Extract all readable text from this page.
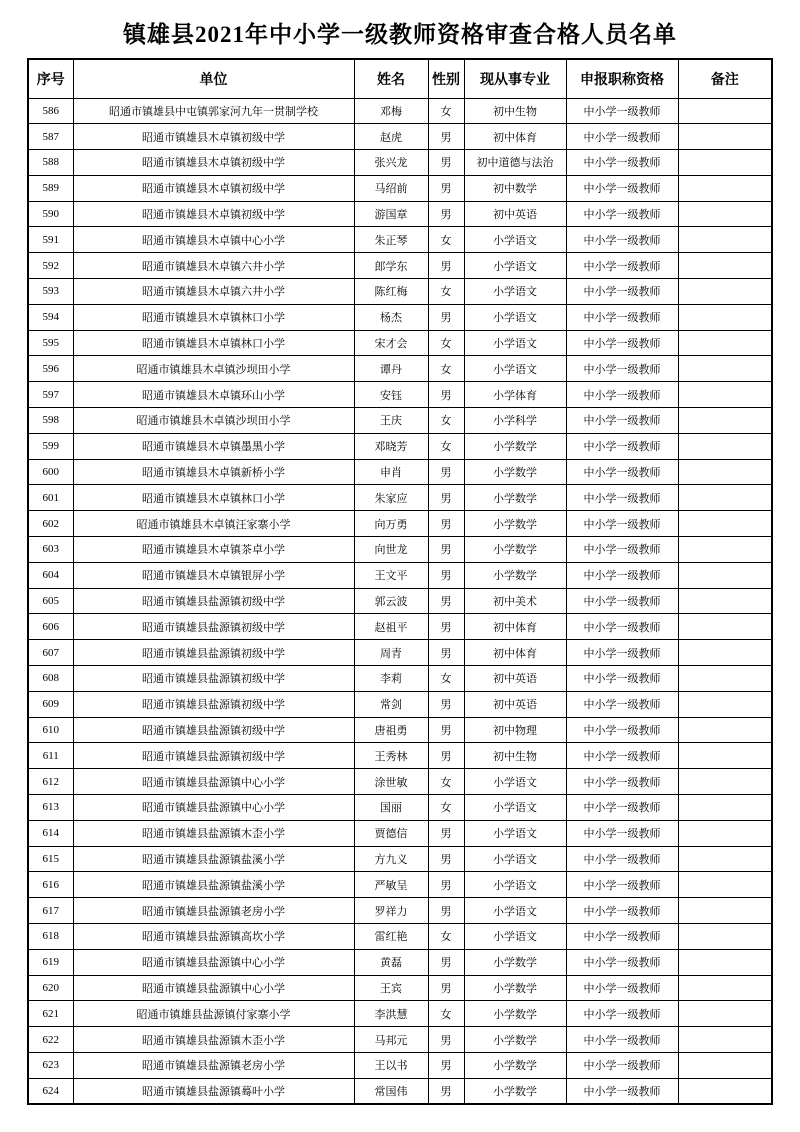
镇雄县2021年中小学一级教师资格审查合格人员名单
序号	单位	姓名	性别	现从事专业	申报职称资格	备注
586	昭通市镇雄县中屯镇郭家河九年一贯制学校	邓梅	女	初中生物	中小学一级教师	
587	昭通市镇雄县木卓镇初级中学	赵虎	男	初中体育	中小学一级教师	
588	昭通市镇雄县木卓镇初级中学	张兴龙	男	初中道德与法治	中小学一级教师	
589	昭通市镇雄县木卓镇初级中学	马绍前	男	初中数学	中小学一级教师	
590	昭通市镇雄县木卓镇初级中学	游国章	男	初中英语	中小学一级教师	
591	昭通市镇雄县木卓镇中心小学	朱正琴	女	小学语文	中小学一级教师	
592	昭通市镇雄县木卓镇六井小学	郎学东	男	小学语文	中小学一级教师	
593	昭通市镇雄县木卓镇六井小学	陈红梅	女	小学语文	中小学一级教师	
594	昭通市镇雄县木卓镇林口小学	杨杰	男	小学语文	中小学一级教师	
595	昭通市镇雄县木卓镇林口小学	宋才会	女	小学语文	中小学一级教师	
596	昭通市镇雄县木卓镇沙坝田小学	谭丹	女	小学语文	中小学一级教师	
597	昭通市镇雄县木卓镇环山小学	安钰	男	小学体育	中小学一级教师	
598	昭通市镇雄县木卓镇沙坝田小学	王庆	女	小学科学	中小学一级教师	
599	昭通市镇雄县木卓镇墨黑小学	邓晓芳	女	小学数学	中小学一级教师	
600	昭通市镇雄县木卓镇新桥小学	申肖	男	小学数学	中小学一级教师	
601	昭通市镇雄县木卓镇林口小学	朱家应	男	小学数学	中小学一级教师	
602	昭通市镇雄县木卓镇汪家寨小学	向万勇	男	小学数学	中小学一级教师	
603	昭通市镇雄县木卓镇茶卓小学	向世龙	男	小学数学	中小学一级教师	
604	昭通市镇雄县木卓镇银屏小学	王文平	男	小学数学	中小学一级教师	
605	昭通市镇雄县盐源镇初级中学	郭云波	男	初中美术	中小学一级教师	
606	昭通市镇雄县盐源镇初级中学	赵祖平	男	初中体育	中小学一级教师	
607	昭通市镇雄县盐源镇初级中学	周青	男	初中体育	中小学一级教师	
608	昭通市镇雄县盐源镇初级中学	李莉	女	初中英语	中小学一级教师	
609	昭通市镇雄县盐源镇初级中学	常剑	男	初中英语	中小学一级教师	
610	昭通市镇雄县盐源镇初级中学	唐祖勇	男	初中物理	中小学一级教师	
611	昭通市镇雄县盐源镇初级中学	王秀林	男	初中生物	中小学一级教师	
612	昭通市镇雄县盐源镇中心小学	涂世敏	女	小学语文	中小学一级教师	
613	昭通市镇雄县盐源镇中心小学	国丽	女	小学语文	中小学一级教师	
614	昭通市镇雄县盐源镇木歪小学	贾德信	男	小学语文	中小学一级教师	
615	昭通市镇雄县盐源镇盐溪小学	方九义	男	小学语文	中小学一级教师	
616	昭通市镇雄县盐源镇盐溪小学	严敏呈	男	小学语文	中小学一级教师	
617	昭通市镇雄县盐源镇老房小学	罗祥力	男	小学语文	中小学一级教师	
618	昭通市镇雄县盐源镇高坎小学	雷红艳	女	小学语文	中小学一级教师	
619	昭通市镇雄县盐源镇中心小学	黄磊	男	小学数学	中小学一级教师	
620	昭通市镇雄县盐源镇中心小学	王宾	男	小学数学	中小学一级教师	
621	昭通市镇雄县盐源镇付家寨小学	李洪慧	女	小学数学	中小学一级教师	
622	昭通市镇雄县盐源镇木歪小学	马邦元	男	小学数学	中小学一级教师	
623	昭通市镇雄县盐源镇老房小学	王以书	男	小学数学	中小学一级教师	
624	昭通市镇雄县盐源镇蓦叶小学	常国伟	男	小学数学	中小学一级教师	
